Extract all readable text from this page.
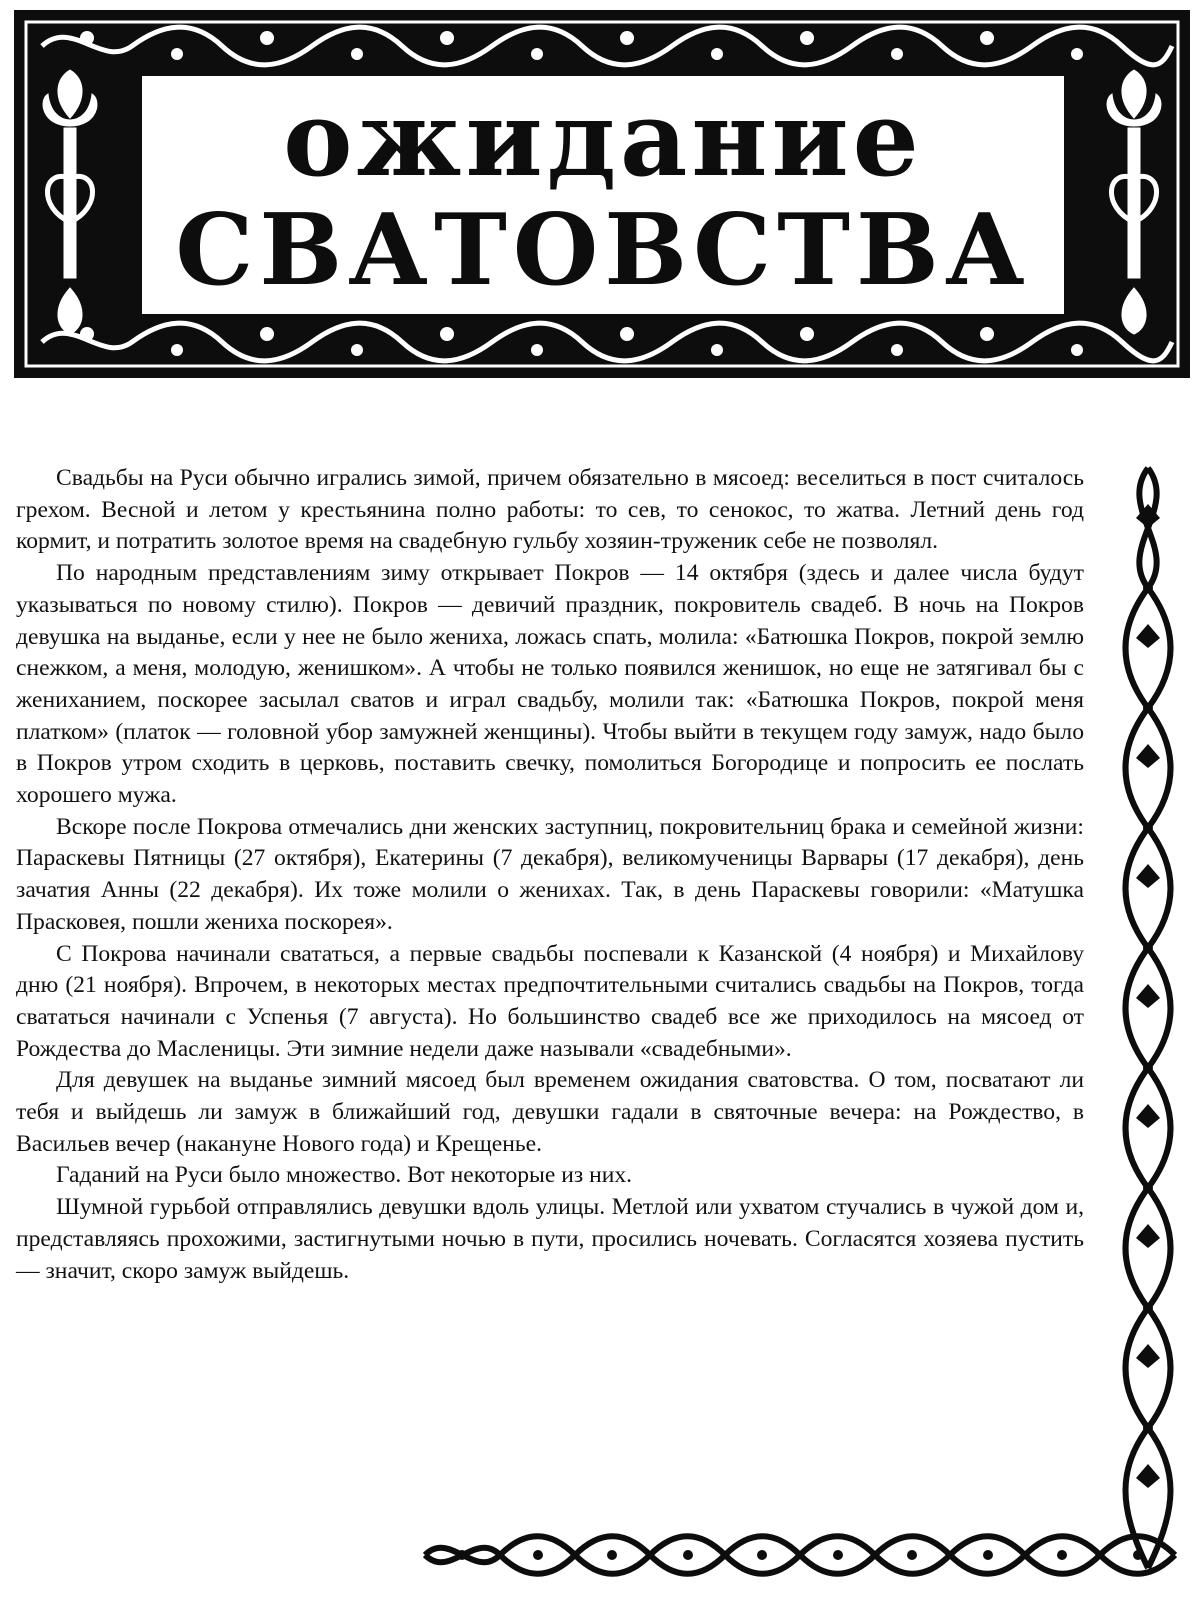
ожидание
СВАТОВСТВА

Свадьбы на Руси обычно игрались зимой, причем обязательно в мясоед: веселиться в пост считалось грехом. Весной и летом у крестьянина полно работы: то сев, то сенокос, то жатва. Летний день год кормит, и потратить золотое время на свадебную гульбу хозяин-труженик себе не позволял.

По народным представлениям зиму открывает Покров — 14 октября (здесь и далее числа будут указываться по новому стилю). Покров — девичий праздник, покровитель свадеб. В ночь на Покров девушка на выданье, если у нее не было жениха, ложась спать, молила: «Батюшка Покров, покрой землю снежком, а меня, молодую, женишком». А чтобы не только появился женишок, но еще не затягивал бы с жениханием, поскорее засылал сватов и играл свадьбу, молили так: «Батюшка Покров, покрой меня платком» (платок — головной убор замужней женщины). Чтобы выйти в текущем году замуж, надо было в Покров утром сходить в церковь, поставить свечку, помолиться Богородице и попросить ее послать хорошего мужа.

Вскоре после Покрова отмечались дни женских заступниц, покровительниц брака и семейной жизни: Параскевы Пятницы (27 октября), Екатерины (7 декабря), великомученицы Варвары (17 декабря), день зачатия Анны (22 декабря). Их тоже молили о женихах. Так, в день Параскевы говорили: «Матушка Прасковея, пошли жениха поскорея».

С Покрова начинали свататься, а первые свадьбы поспевали к Казанской (4 ноября) и Михайлову дню (21 ноября). Впрочем, в некоторых местах предпочтительными считались свадьбы на Покров, тогда свататься начинали с Успенья (7 августа). Но большинство свадеб все же приходилось на мясоед от Рождества до Масленицы. Эти зимние недели даже называли «свадебными».

Для девушек на выданье зимний мясоед был временем ожидания сватовства. О том, посватают ли тебя и выйдешь ли замуж в ближайший год, девушки гадали в святочные вечера: на Рождество, в Васильев вечер (накануне Нового года) и Крещенье.

Гаданий на Руси было множество. Вот некоторые из них.

Шумной гурьбой отправлялись девушки вдоль улицы. Метлой или ухватом стучались в чужой дом и, представляясь прохожими, застигнутыми ночью в пути, просились ночевать. Согласятся хозяева пустить — значит, скоро замуж выйдешь.
